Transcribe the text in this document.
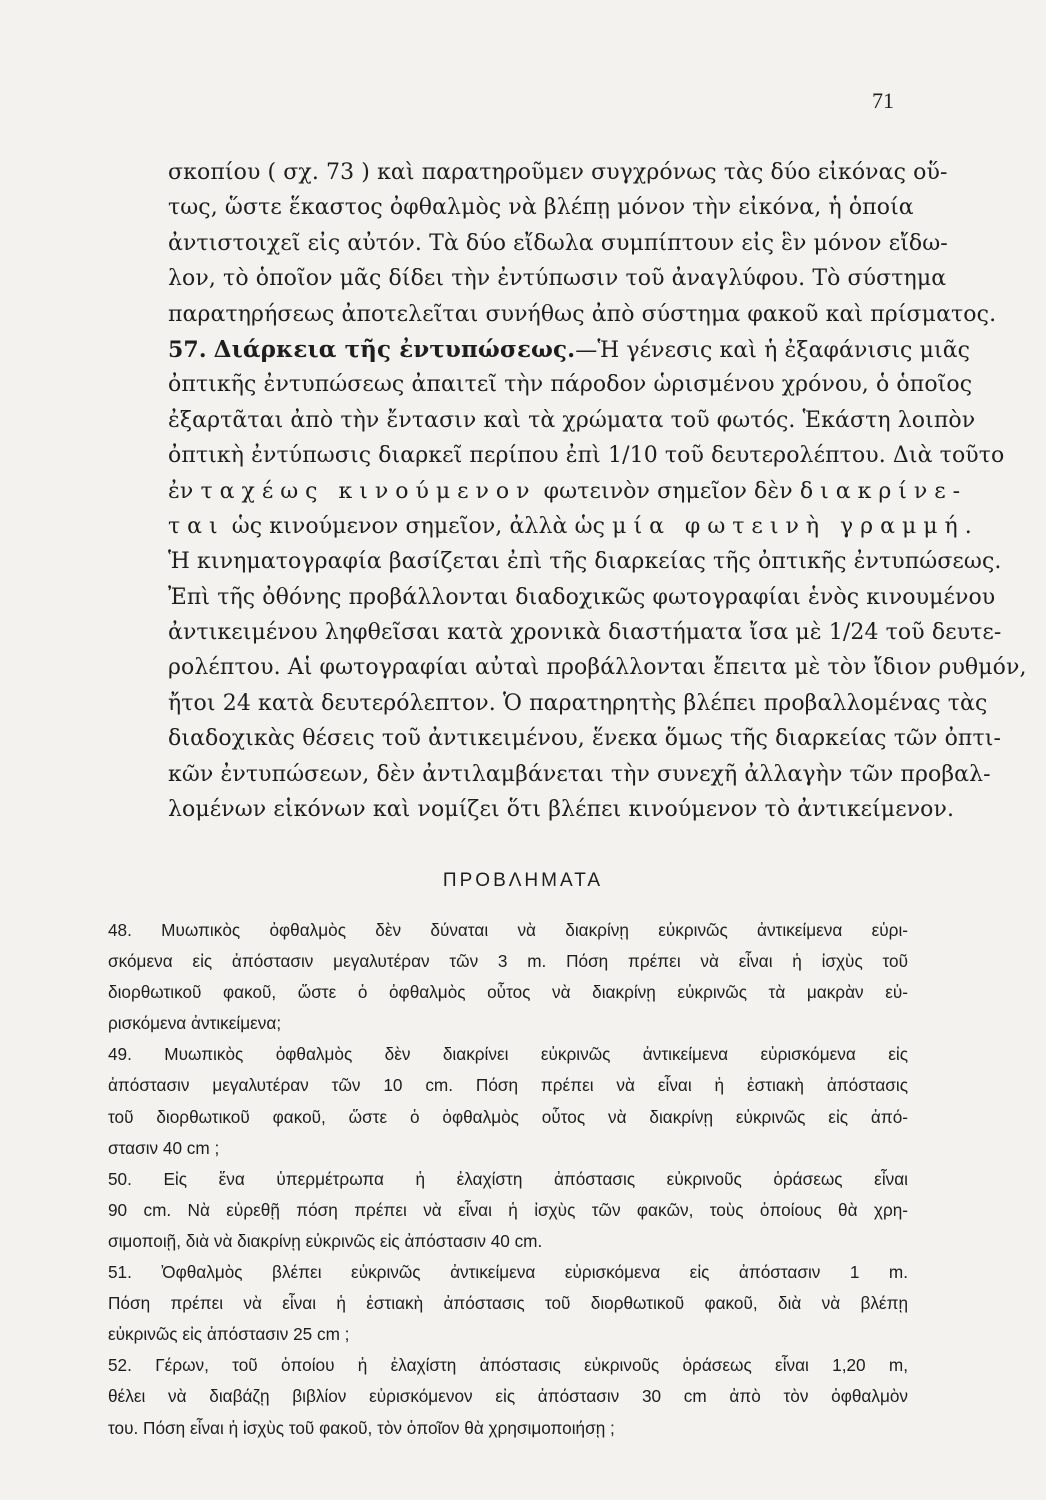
71
σκοπίου ( σχ. 73 ) καὶ παρατηροῦμεν συγχρόνως τὰς δύο εἰκόνας οὕ-
τως, ὥστε ἕκαστος ὀφθαλμὸς νὰ βλέπῃ μόνον τὴν εἰκόνα, ἡ ὁποία
ἀντιστοιχεῖ εἰς αὐτόν. Τὰ δύο εἴδωλα συμπίπτουν εἰς ἓν μόνον εἴδω-
λον, τὸ ὁποῖον μᾶς δίδει τὴν ἐντύπωσιν τοῦ ἀναγλύφου. Τὸ σύστημα
παρατηρήσεως ἀποτελεῖται συνήθως ἀπὸ σύστημα φακοῦ καὶ πρίσματος.
57. Διάρκεια τῆς ἐντυπώσεως.—Ἡ γένεσις καὶ ἡ ἐξαφάνισις μιᾶς
ὀπτικῆς ἐντυπώσεως ἀπαιτεῖ τὴν πάροδον ὡρισμένου χρόνου, ὁ ὁποῖος
ἐξαρτᾶται ἀπὸ τὴν ἔντασιν καὶ τὰ χρώματα τοῦ φωτός. Ἑκάστη λοιπὸν
ὀπτικὴ ἐντύπωσις διαρκεῖ περίπου ἐπὶ 1/10 τοῦ δευτερολέπτου. Διὰ τοῦτο
ἐν ταχέως κινούμενον φωτεινὸν σημεῖον δὲν διακρίνε-
ται ὡς κινούμενον σημεῖον, ἀλλὰ ὡς μία φωτεινὴ γραμμή.
Ἡ κινηματογραφία βασίζεται ἐπὶ τῆς διαρκείας τῆς ὀπτικῆς ἐντυπώσεως.
Ἐπὶ τῆς ὀθόνης προβάλλονται διαδοχικῶς φωτογραφίαι ἑνὸς κινουμένου
ἀντικειμένου ληφθεῖσαι κατὰ χρονικὰ διαστήματα ἴσα μὲ 1/24 τοῦ δευτε-
ρολέπτου. Αἱ φωτογραφίαι αὐταὶ προβάλλονται ἔπειτα μὲ τὸν ἴδιον ρυθμόν,
ἤτοι 24 κατὰ δευτερόλεπτον. Ὁ παρατηρητὴς βλέπει προβαλλομένας τὰς
διαδοχικὰς θέσεις τοῦ ἀντικειμένου, ἕνεκα ὅμως τῆς διαρκείας τῶν ὀπτι-
κῶν ἐντυπώσεων, δὲν ἀντιλαμβάνεται τὴν συνεχῆ ἀλλαγὴν τῶν προβαλ-
λομένων εἰκόνων καὶ νομίζει ὅτι βλέπει κινούμενον τὸ ἀντικείμενον.
ΠΡΟΒΛΗΜΑΤΑ
48. Μυωπικὸς ὀφθαλμὸς δὲν δύναται νὰ διακρίνῃ εὐκρινῶς ἀντικείμενα εὑρι-
σκόμενα εἰς ἀπόστασιν μεγαλυτέραν τῶν 3 m. Πόση πρέπει νὰ εἶναι ἡ ἰσχὺς τοῦ
διορθωτικοῦ φακοῦ, ὥστε ὁ ὀφθαλμὸς οὗτος νὰ διακρίνῃ εὐκρινῶς τὰ μακρὰν εὑ-
ρισκόμενα ἀντικείμενα;
49. Μυωπικὸς ὀφθαλμὸς δὲν διακρίνει εὐκρινῶς ἀντικείμενα εὑρισκόμενα εἰς
ἀπόστασιν μεγαλυτέραν τῶν 10 cm. Πόση πρέπει νὰ εἶναι ἡ ἑστιακὴ ἀπόστασις
τοῦ διορθωτικοῦ φακοῦ, ὥστε ὁ ὀφθαλμὸς οὗτος νὰ διακρίνῃ εὐκρινῶς εἰς ἀπό-
στασιν 40 cm ;
50. Εἰς ἕνα ὑπερμέτρωπα ἡ ἐλαχίστη ἀπόστασις εὐκρινοῦς ὁράσεως εἶναι
90 cm. Νὰ εὑρεθῇ πόση πρέπει νὰ εἶναι ἡ ἰσχὺς τῶν φακῶν, τοὺς ὁποίους θὰ χρη-
σιμοποιῇ, διὰ νὰ διακρίνῃ εὐκρινῶς εἰς ἀπόστασιν 40 cm.
51. Ὀφθαλμὸς βλέπει εὐκρινῶς ἀντικείμενα εὑρισκόμενα εἰς ἀπόστασιν 1 m.
Πόση πρέπει νὰ εἶναι ἡ ἑστιακὴ ἀπόστασις τοῦ διορθωτικοῦ φακοῦ, διὰ νὰ βλέπῃ
εὐκρινῶς εἰς ἀπόστασιν 25 cm ;
52. Γέρων, τοῦ ὁποίου ἡ ἐλαχίστη ἀπόστασις εὐκρινοῦς ὁράσεως εἶναι 1,20 m,
θέλει νὰ διαβάζῃ βιβλίον εὑρισκόμενον εἰς ἀπόστασιν 30 cm ἀπὸ τὸν ὀφθαλμὸν
του. Πόση εἶναι ἡ ἰσχὺς τοῦ φακοῦ, τὸν ὁποῖον θὰ χρησιμοποιήσῃ ;
